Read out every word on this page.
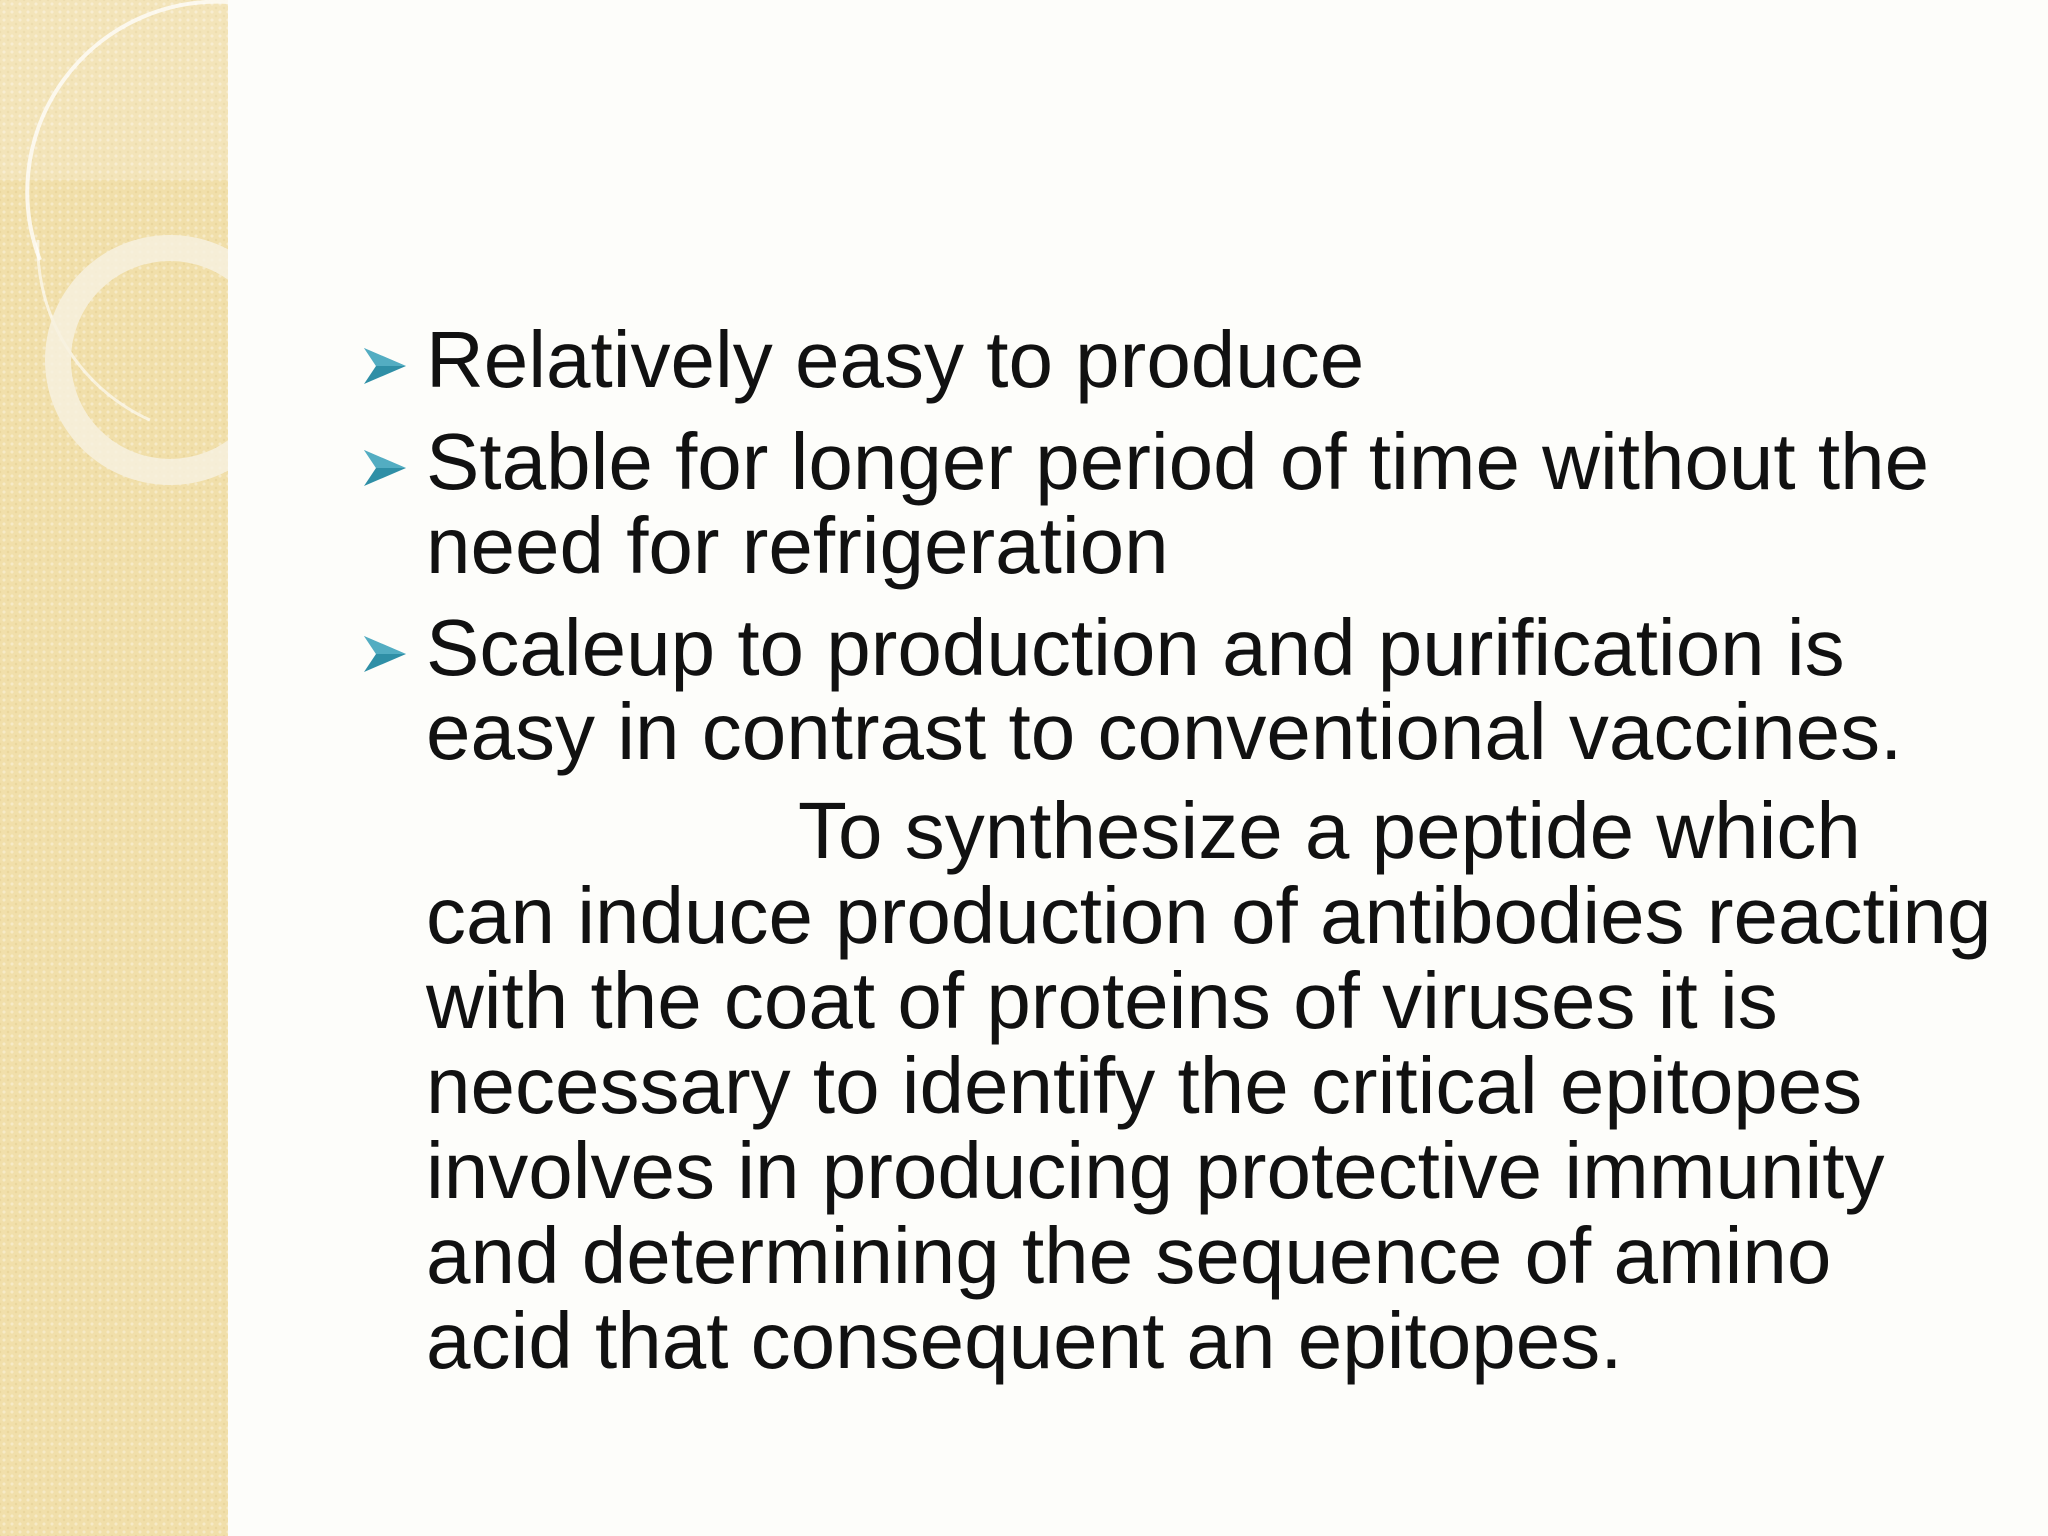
Relatively easy to produce
Stable for longer period of time without the need for refrigeration
Scaleup to production and purification is easy in contrast to conventional vaccines.
To synthesize a peptide which can induce production of antibodies reacting with the coat of proteins of viruses it is necessary to identify the critical epitopes involves in producing protective immunity and determining the sequence of amino acid that consequent an epitopes.
